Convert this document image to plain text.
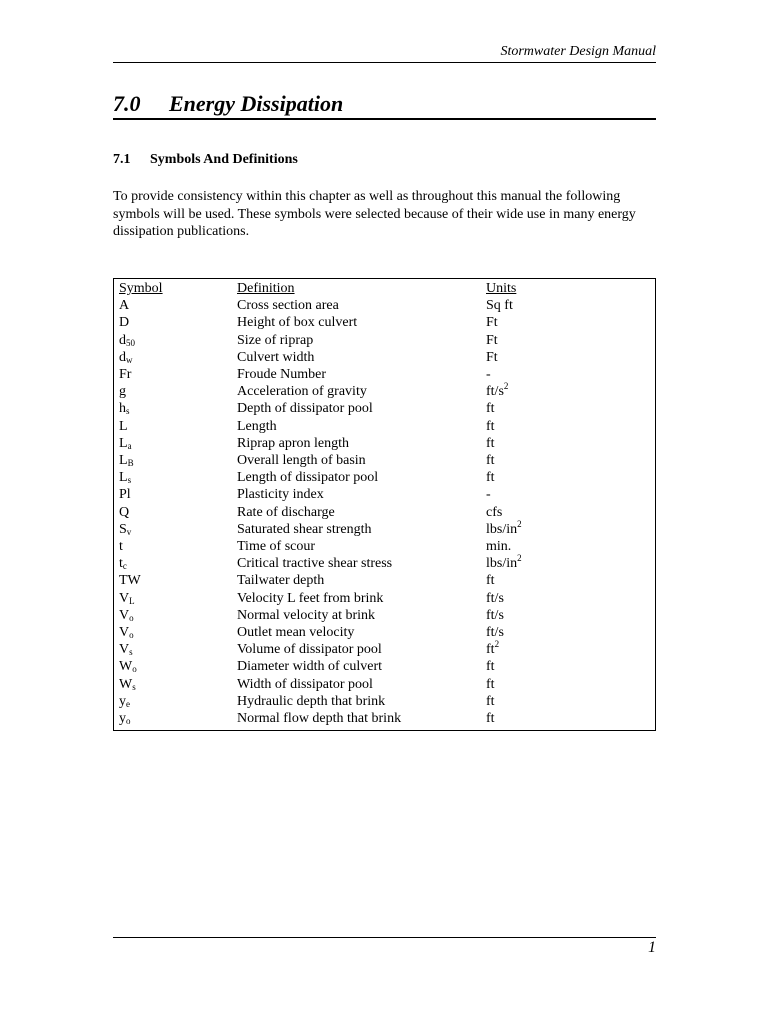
Stormwater Design Manual
7.0 Energy Dissipation
7.1 Symbols And Definitions

To provide consistency within this chapter as well as throughout this manual the following symbols will be used. These symbols were selected because of their wide use in many energy dissipation publications.

Symbol	Definition	Units
A	Cross section area	Sq ft
D	Height of box culvert	Ft
$d_{50}$	Size of riprap	Ft
$d_w$	Culvert width	Ft
Fr	Froude Number	-
g	Acceleration of gravity	$ft/s^2$
$h_s$	Depth of dissipator pool	ft
L	Length	ft
$L_a$	Riprap apron length	ft
$L_B$	Overall length of basin	ft
$L_s$	Length of dissipator pool	ft
Pl	Plasticity index	-
Q	Rate of discharge	cfs
$S_v$	Saturated shear strength	lbs/$in^2$
t	Time of scour	min.
$t_c$	Critical tractive shear stress	lbs/$in^2$
TW	Tailwater depth	ft
$V_L$	Velocity L feet from brink	ft/s
$V_o$	Normal velocity at brink	ft/s
$V_o$	Outlet mean velocity	ft/s
$V_s$	Volume of dissipator pool	$ft^2$
$W_o$	Diameter width of culvert	ft
$W_s$	Width of dissipator pool	ft
$y_e$	Hydraulic depth that brink	ft
$y_o$	Normal flow depth that brink	ft
1
